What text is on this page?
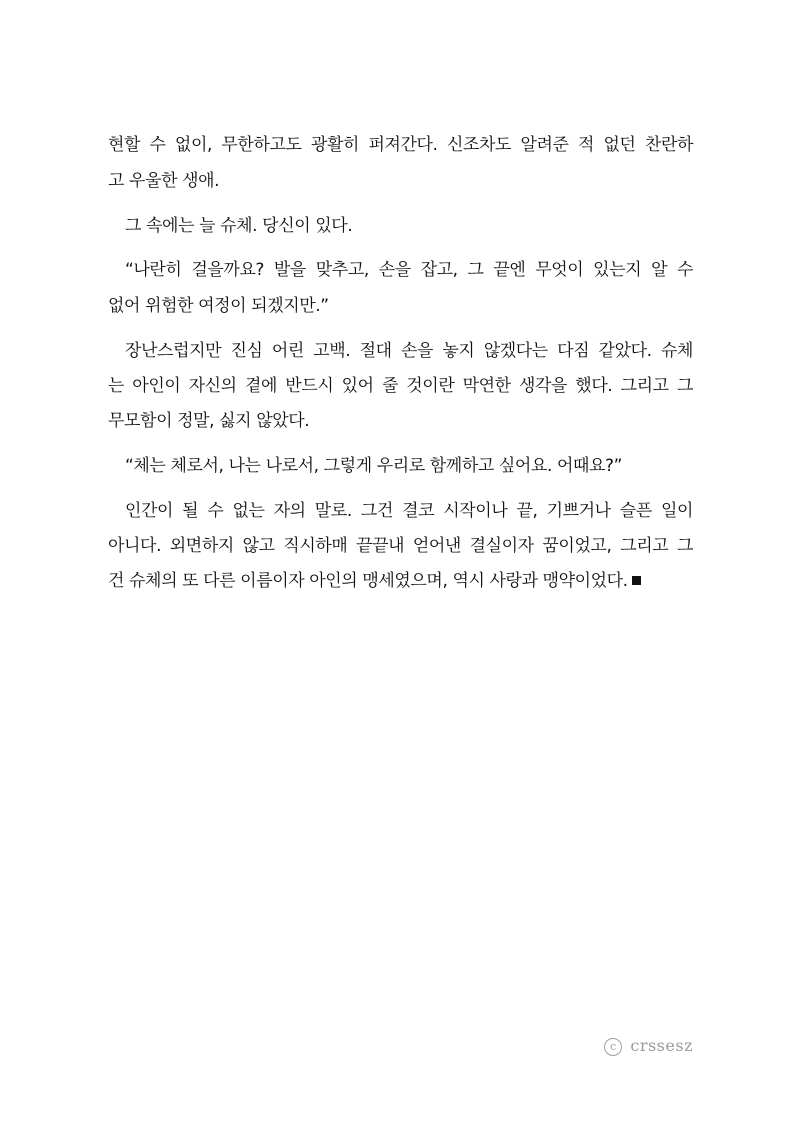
현할 수 없이, 무한하고도 광활히 퍼져간다. 신조차도 알려준 적 없던 찬란하
고 우울한 생애.
그 속에는 늘 슈체. 당신이 있다.
“나란히 걸을까요? 발을 맞추고, 손을 잡고, 그 끝엔 무엇이 있는지 알 수
없어 위험한 여정이 되겠지만.”
장난스럽지만 진심 어린 고백. 절대 손을 놓지 않겠다는 다짐 같았다. 슈체
는 아인이 자신의 곁에 반드시 있어 줄 것이란 막연한 생각을 했다. 그리고 그
무모함이 정말, 싫지 않았다.
“체는 체로서, 나는 나로서, 그렇게 우리로 함께하고 싶어요. 어때요?”
인간이 될 수 없는 자의 말로. 그건 결코 시작이나 끝, 기쁘거나 슬픈 일이
아니다. 외면하지 않고 직시하매 끝끝내 얻어낸 결실이자 꿈이었고, 그리고 그
건 슈체의 또 다른 이름이자 아인의 맹세였으며, 역시 사랑과 맹약이었다.
c crssesz
